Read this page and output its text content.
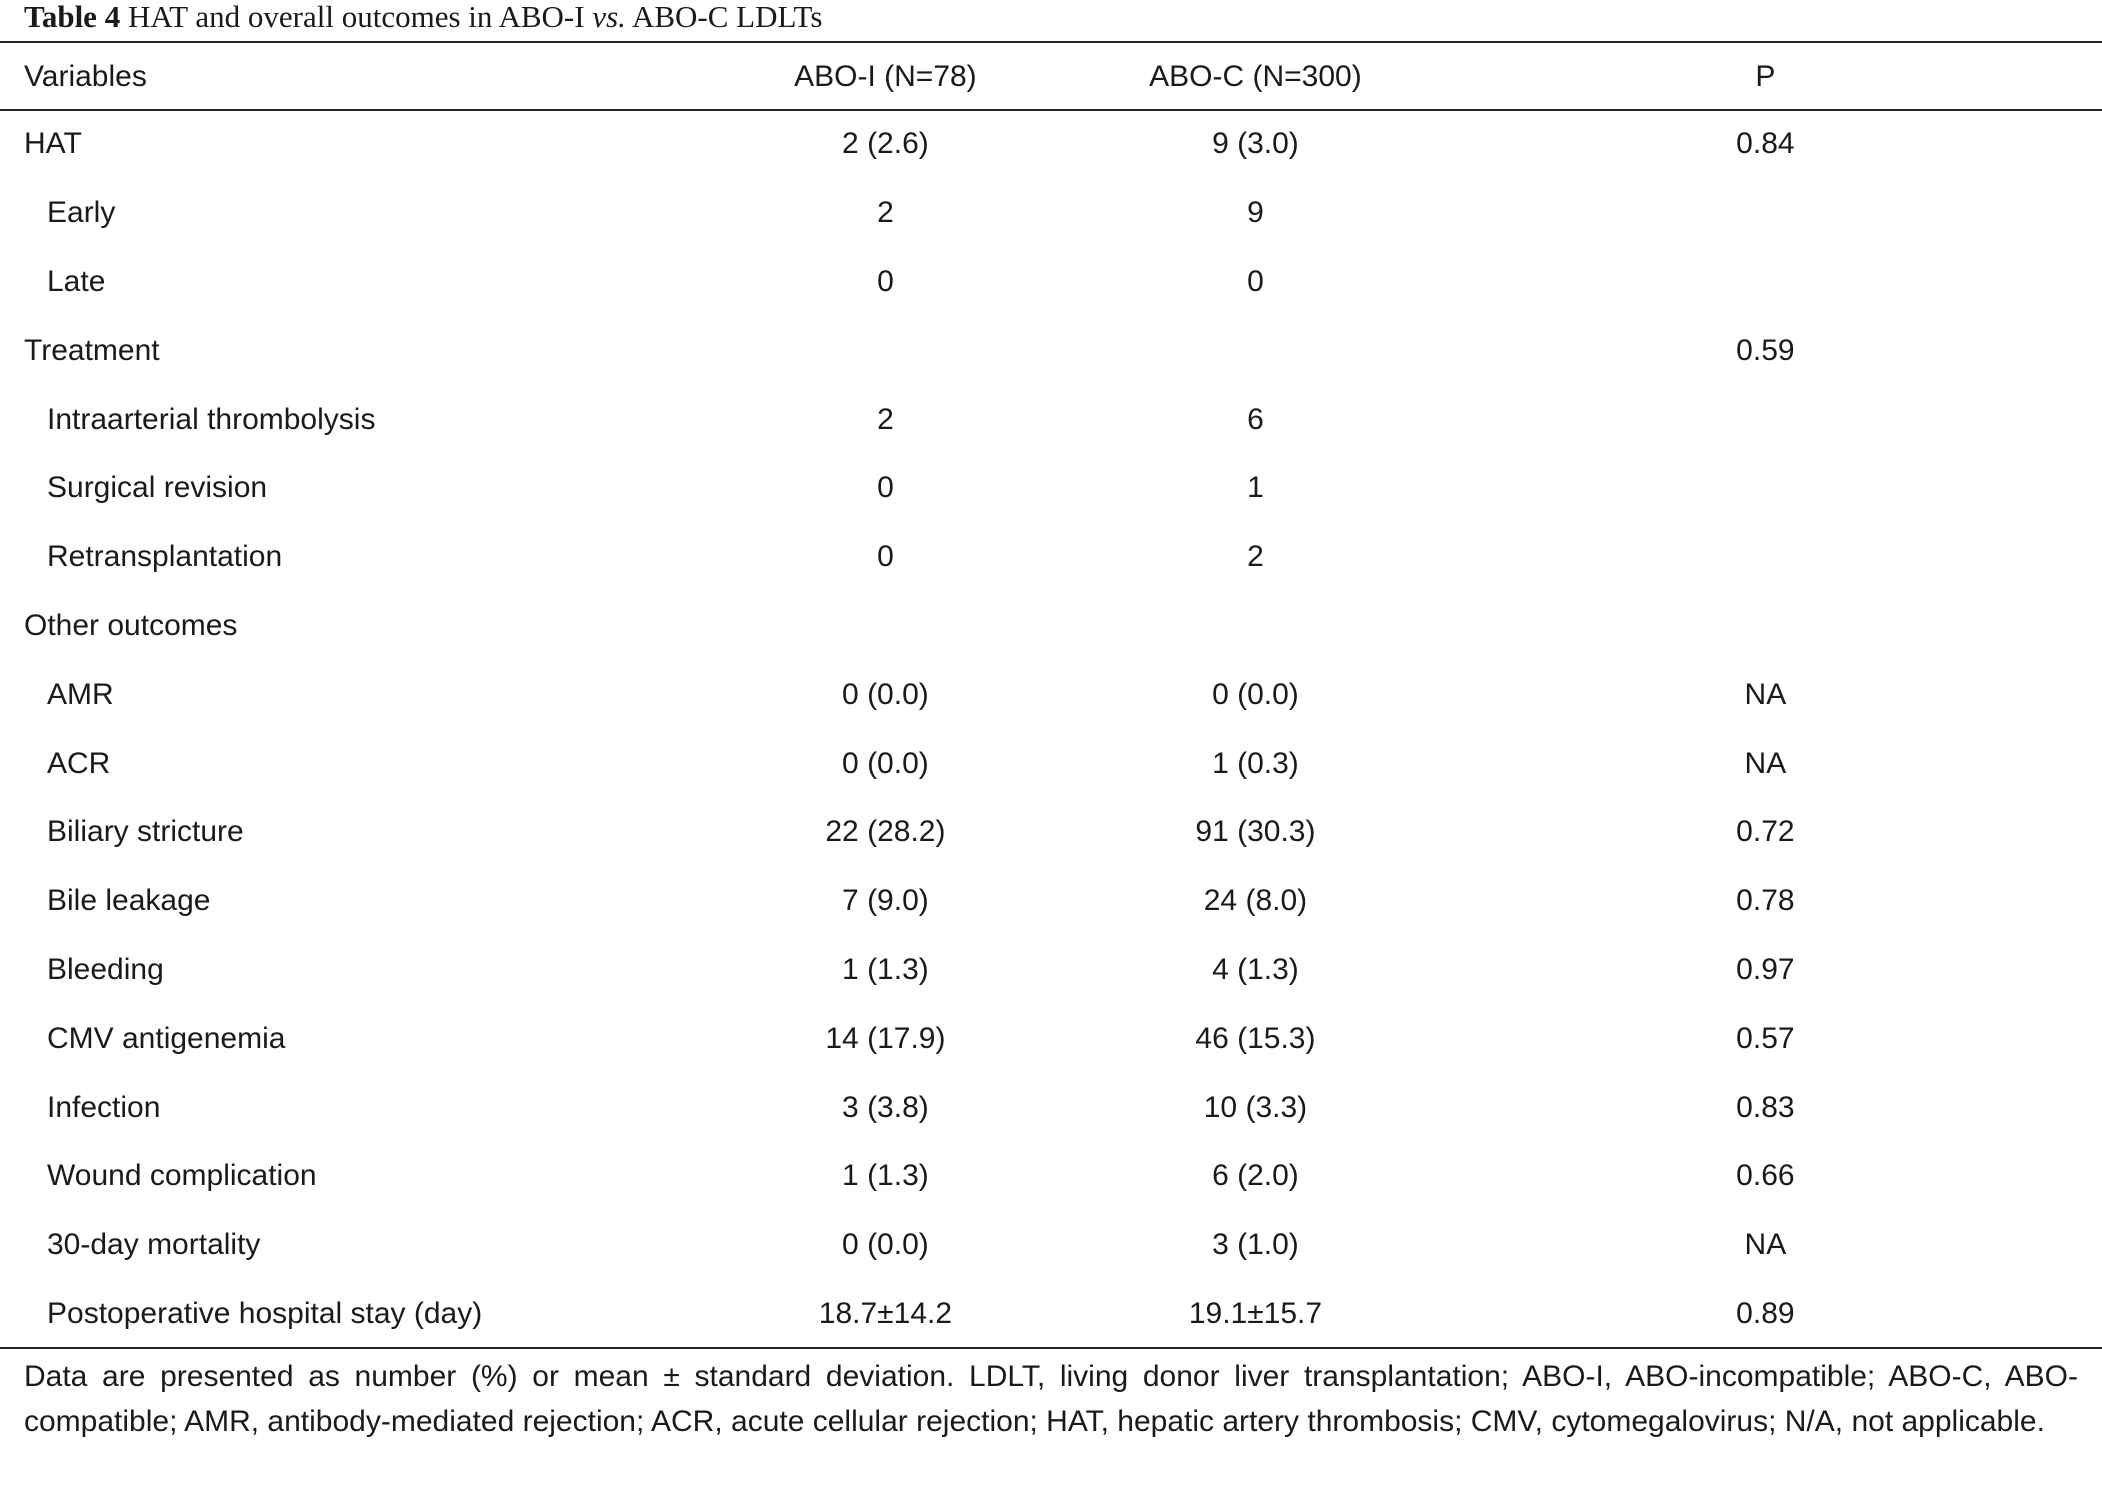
Table 4 HAT and overall outcomes in ABO-I vs. ABO-C LDLTs
Variables	ABO-I (N=78)	ABO-C (N=300)	P
HAT	2 (2.6)	9 (3.0)	0.84
Early	2	9	
Late	0	0	
Treatment			0.59
Intraarterial thrombolysis	2	6	
Surgical revision	0	1	
Retransplantation	0	2	
Other outcomes			
AMR	0 (0.0)	0 (0.0)	NA
ACR	0 (0.0)	1 (0.3)	NA
Biliary stricture	22 (28.2)	91 (30.3)	0.72
Bile leakage	7 (9.0)	24 (8.0)	0.78
Bleeding	1 (1.3)	4 (1.3)	0.97
CMV antigenemia	14 (17.9)	46 (15.3)	0.57
Infection	3 (3.8)	10 (3.3)	0.83
Wound complication	1 (1.3)	6 (2.0)	0.66
30-day mortality	0 (0.0)	3 (1.0)	NA
Postoperative hospital stay (day)	18.7±14.2	19.1±15.7	0.89
Data are presented as number (%) or mean ± standard deviation. LDLT, living donor liver transplantation; ABO-I, ABO-incompatible; ABO-C, ABO-compatible; AMR, antibody-mediated rejection; ACR, acute cellular rejection; HAT, hepatic artery thrombosis; CMV, cytomegalovirus; N/A, not applicable.
